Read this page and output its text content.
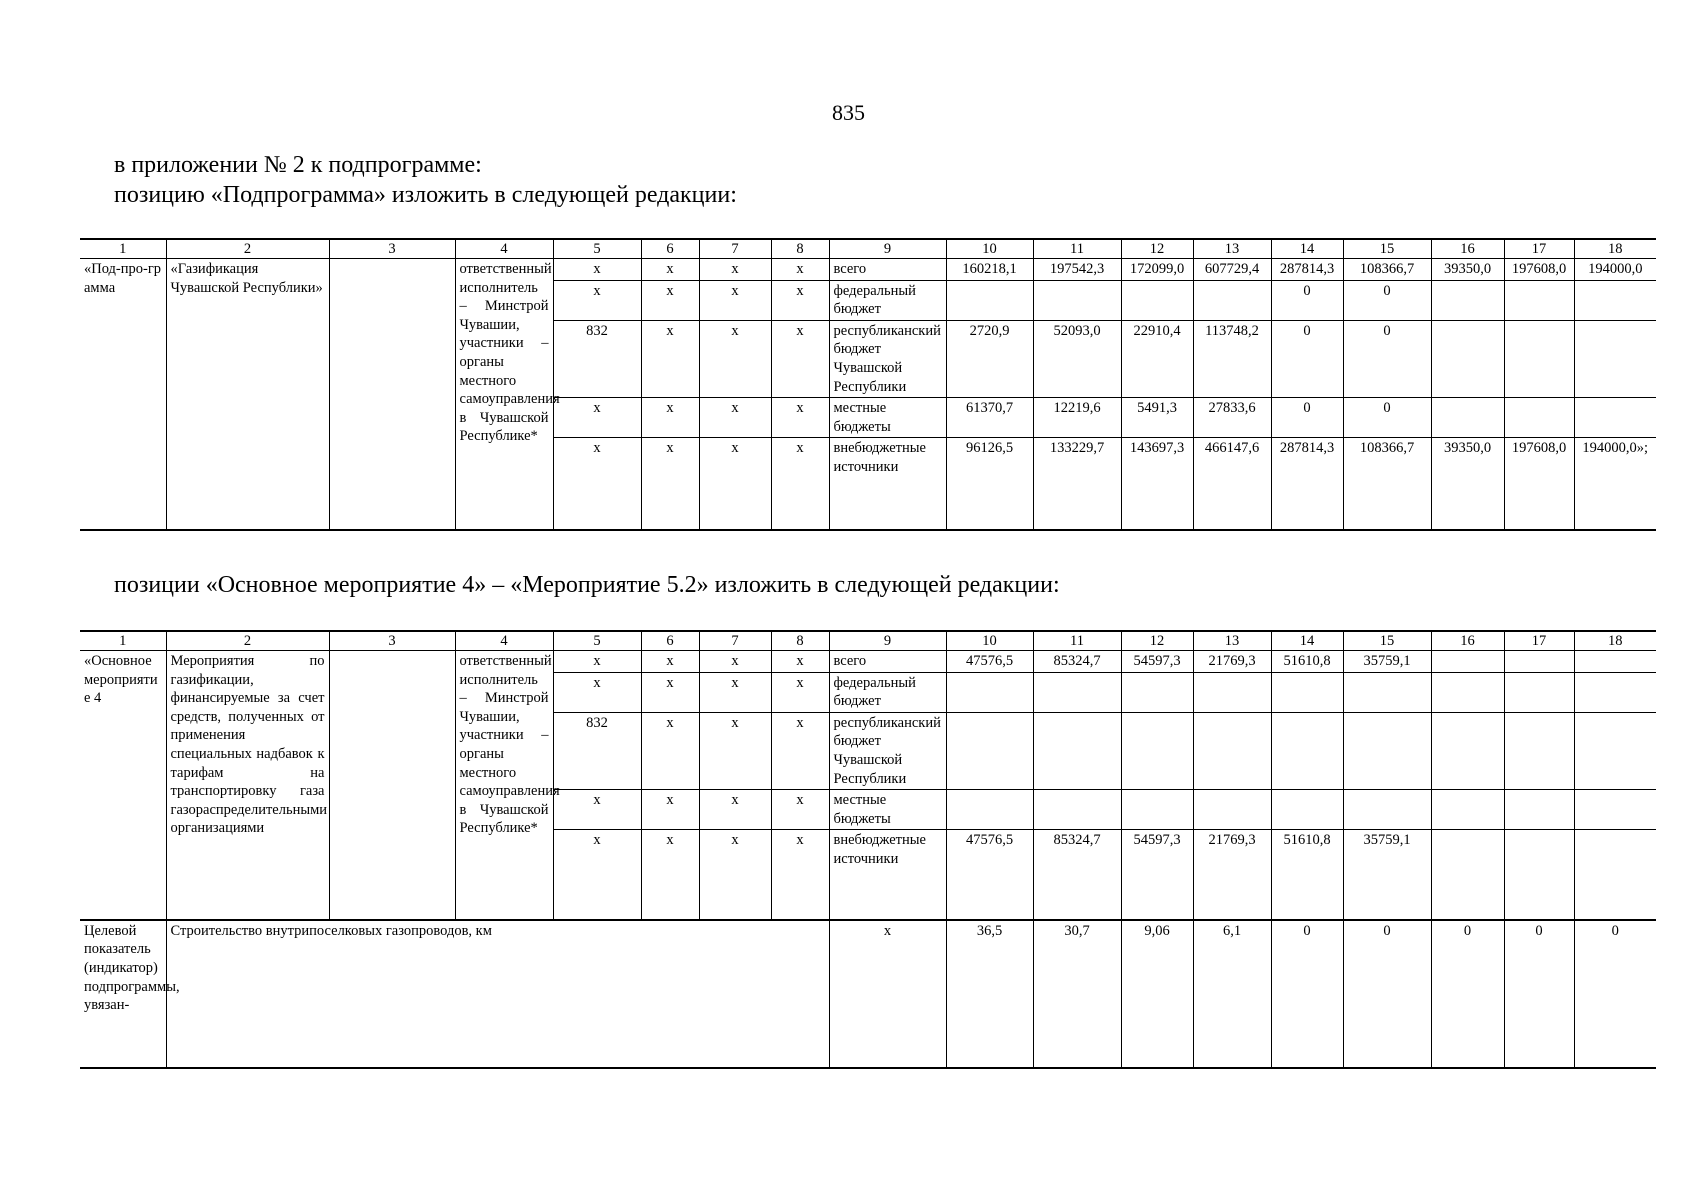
835
в приложении № 2 к подпрограмме:
позицию «Подпрограмма» изложить в следующей редакции:
1	2	3	4	5	6	7	8	9	10	11	12	13	14	15	16	17	18
«Под-про-грамма	«Газификация Чувашской Республики»		ответственный исполнитель – Минстрой Чувашии, участники – органы местного самоуправления в Чувашской Республике*	x	x	x	x	всего	160218,1	197542,3	172099,0	607729,4	287814,3	108366,7	39350,0	197608,0	194000,0
				x	x	x	x	федеральный бюджет					0	0			
				832	x	x	x	республиканский бюджет Чувашской Республики	2720,9	52093,0	22910,4	113748,2	0	0			
				x	x	x	x	местные бюджеты	61370,7	12219,6	5491,3	27833,6	0	0			
				x	x	x	x	внебюджетные источники	96126,5	133229,7	143697,3	466147,6	287814,3	108366,7	39350,0	197608,0	194000,0»;
позиции «Основное мероприятие 4» – «Мероприятие 5.2» изложить в следующей редакции:
1	2	3	4	5	6	7	8	9	10	11	12	13	14	15	16	17	18
«Основное мероприятие 4	Мероприятия по газификации, финансируемые за счет средств, полученных от применения специальных надбавок к тарифам на транспортировку газа газораспределительными организациями		ответственный исполнитель – Минстрой Чувашии, участники – органы местного самоуправления в Чувашской Республике*	x	x	x	x	всего	47576,5	85324,7	54597,3	21769,3	51610,8	35759,1			
				x	x	x	x	федеральный бюджет									
				832	x	x	x	республиканский бюджет Чувашской Республики									
				x	x	x	x	местные бюджеты									
				x	x	x	x	внебюджетные источники	47576,5	85324,7	54597,3	21769,3	51610,8	35759,1			
Целевой показатель (индикатор) подпрограммы, увязан-	Строительство внутрипоселковых газопроводов, км							x	36,5	30,7	9,06	6,1	0	0	0	0	0
